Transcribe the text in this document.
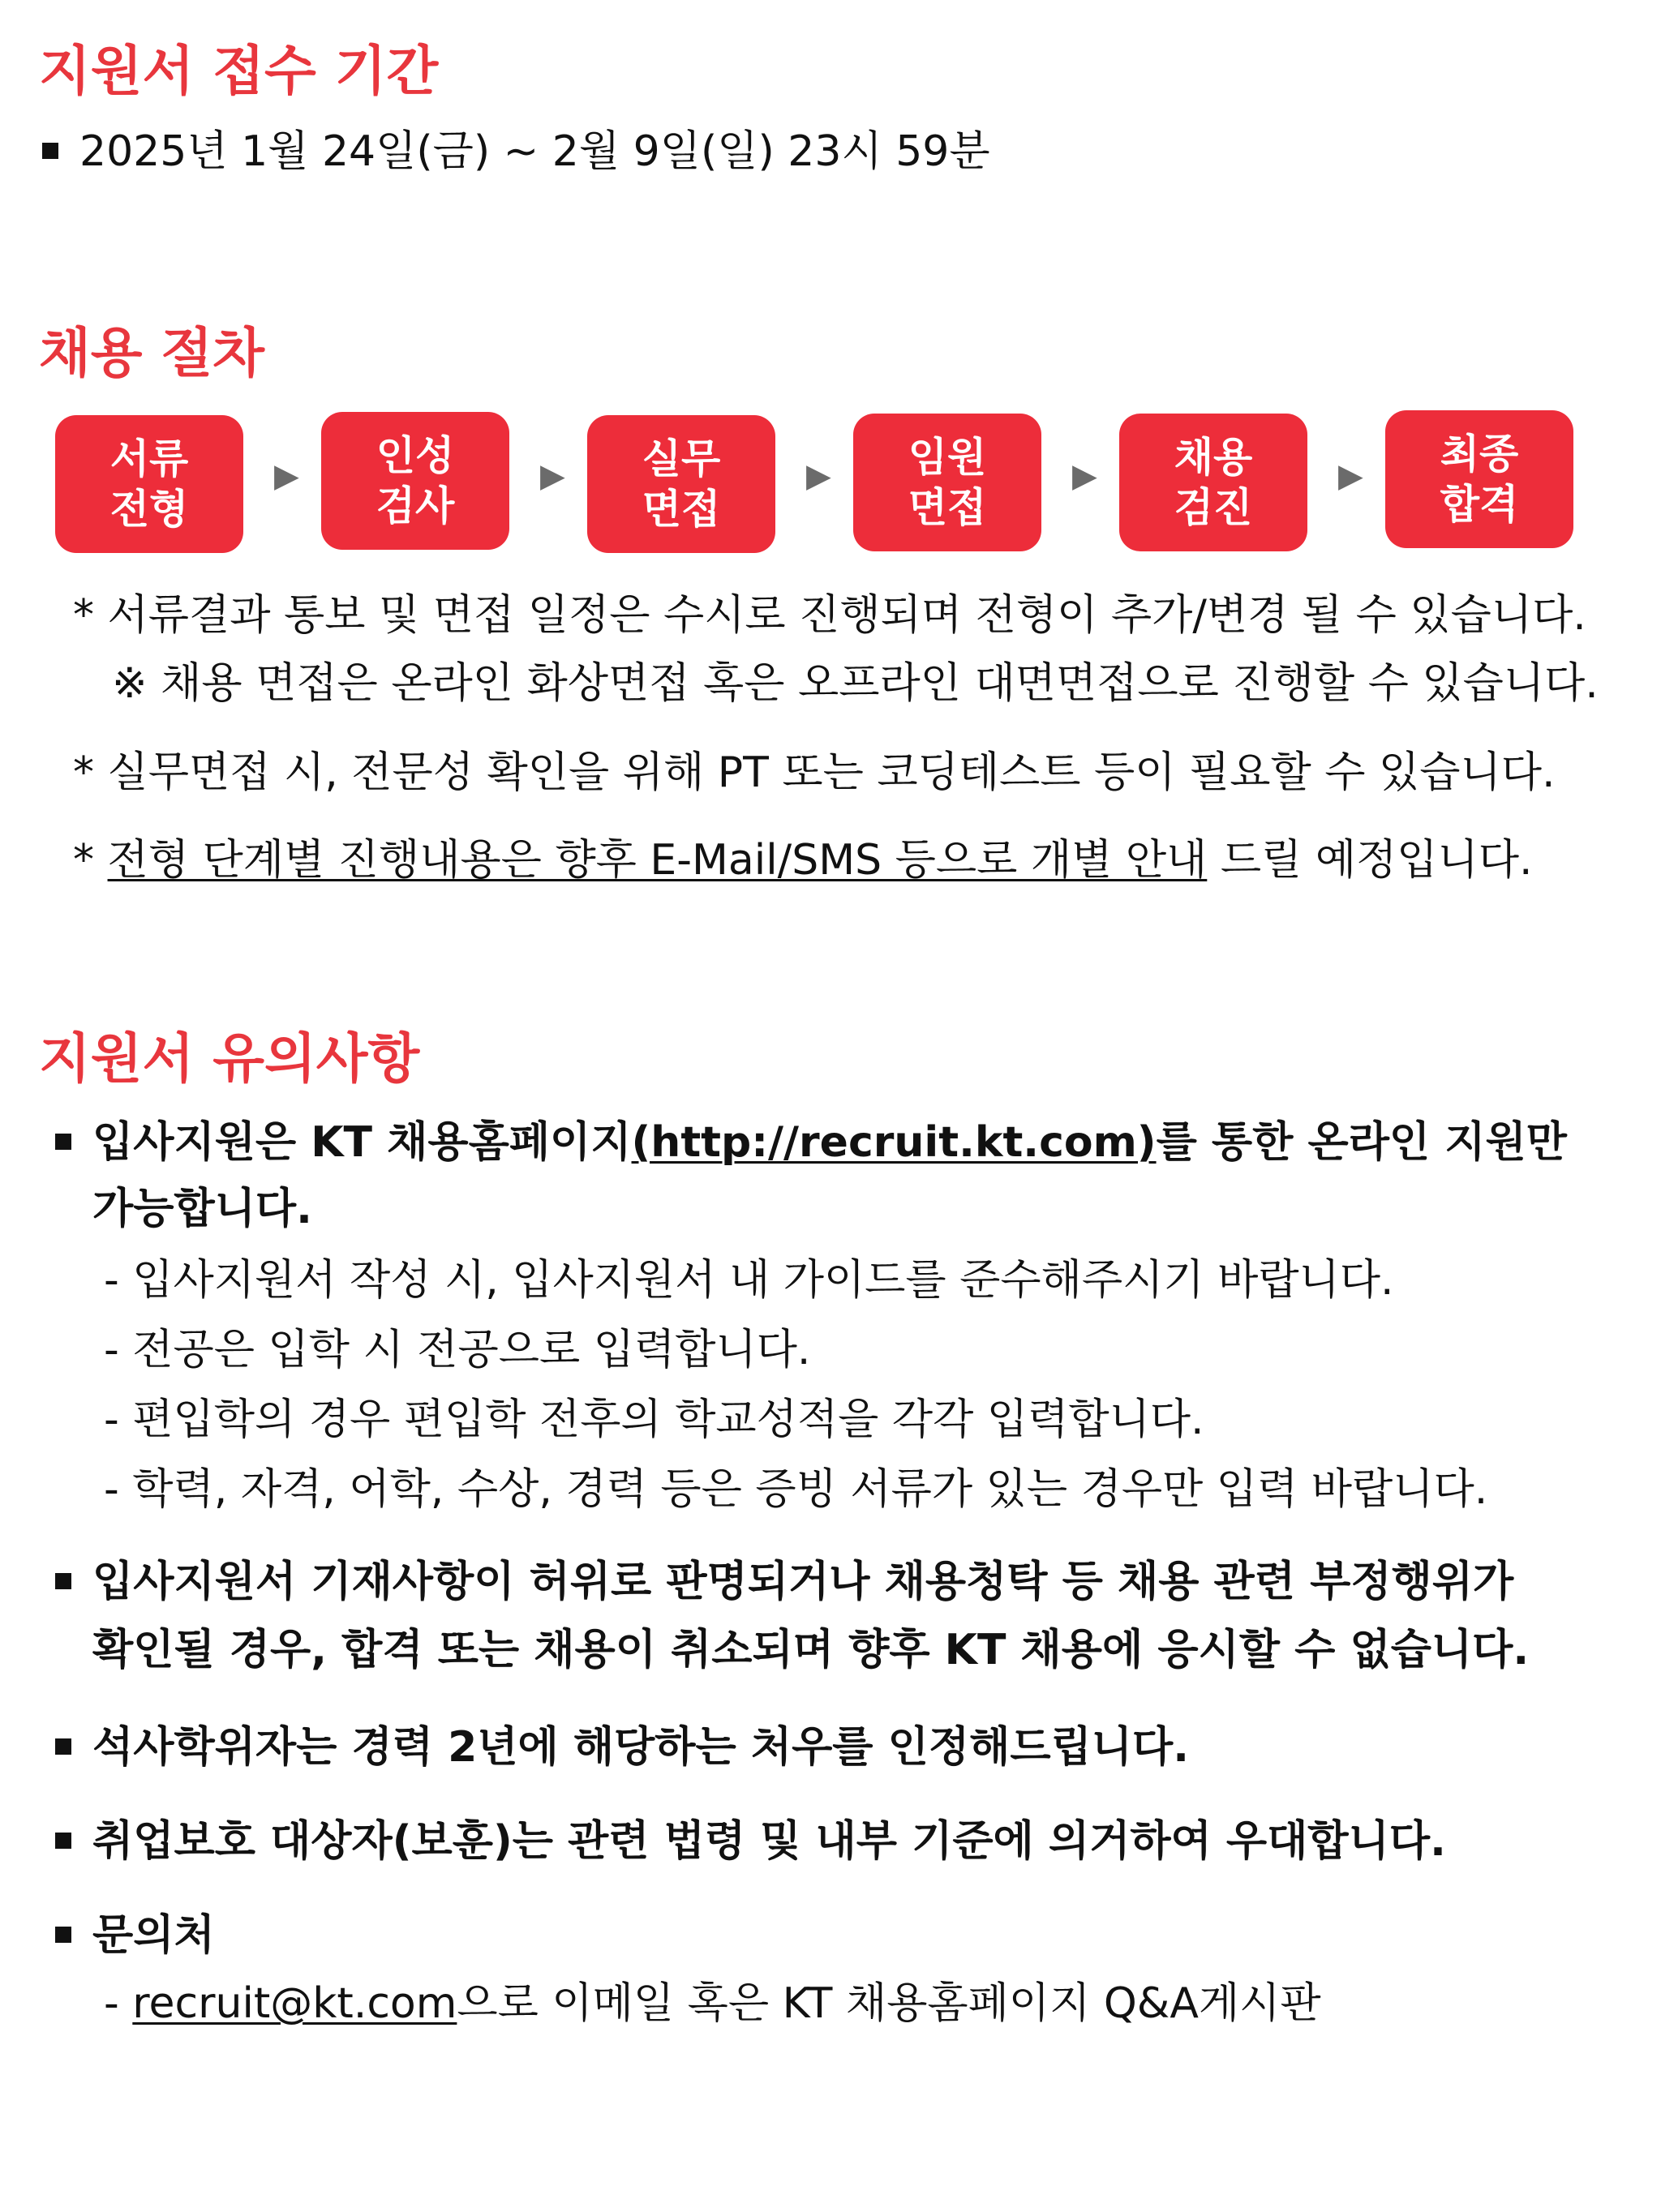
지원서 접수 기간
2025년 1월 24일(금) ~ 2월 9일(일) 23시 59분
채용 절차
서류
전형
▶ 인성
검사
▶ 실무
면접
▶ 임원
면접
▶ 채용
검진
▶ 최종
합격
* 서류결과 통보 및 면접 일정은 수시로 진행되며 전형이 추가/변경 될 수 있습니다.
※ 채용 면접은 온라인 화상면접 혹은 오프라인 대면면접으로 진행할 수 있습니다.
* 실무면접 시, 전문성 확인을 위해 PT 또는 코딩테스트 등이 필요할 수 있습니다.
* 전형 단계별 진행내용은 향후 E-Mail/SMS 등으로 개별 안내 드릴 예정입니다.
지원서 유의사항
입사지원은 KT 채용홈페이지(http://recruit.kt.com)를 통한 온라인 지원만
가능합니다.
- 입사지원서 작성 시, 입사지원서 내 가이드를 준수해주시기 바랍니다.
- 전공은 입학 시 전공으로 입력합니다.
- 편입학의 경우 편입학 전후의 학교성적을 각각 입력합니다.
- 학력, 자격, 어학, 수상, 경력 등은 증빙 서류가 있는 경우만 입력 바랍니다.
입사지원서 기재사항이 허위로 판명되거나 채용청탁 등 채용 관련 부정행위가
확인될 경우, 합격 또는 채용이 취소되며 향후 KT 채용에 응시할 수 없습니다.
석사학위자는 경력 2년에 해당하는 처우를 인정해드립니다.
취업보호 대상자(보훈)는 관련 법령 및 내부 기준에 의거하여 우대합니다.
문의처
- recruit@kt.com으로 이메일 혹은 KT 채용홈페이지 Q&A게시판
